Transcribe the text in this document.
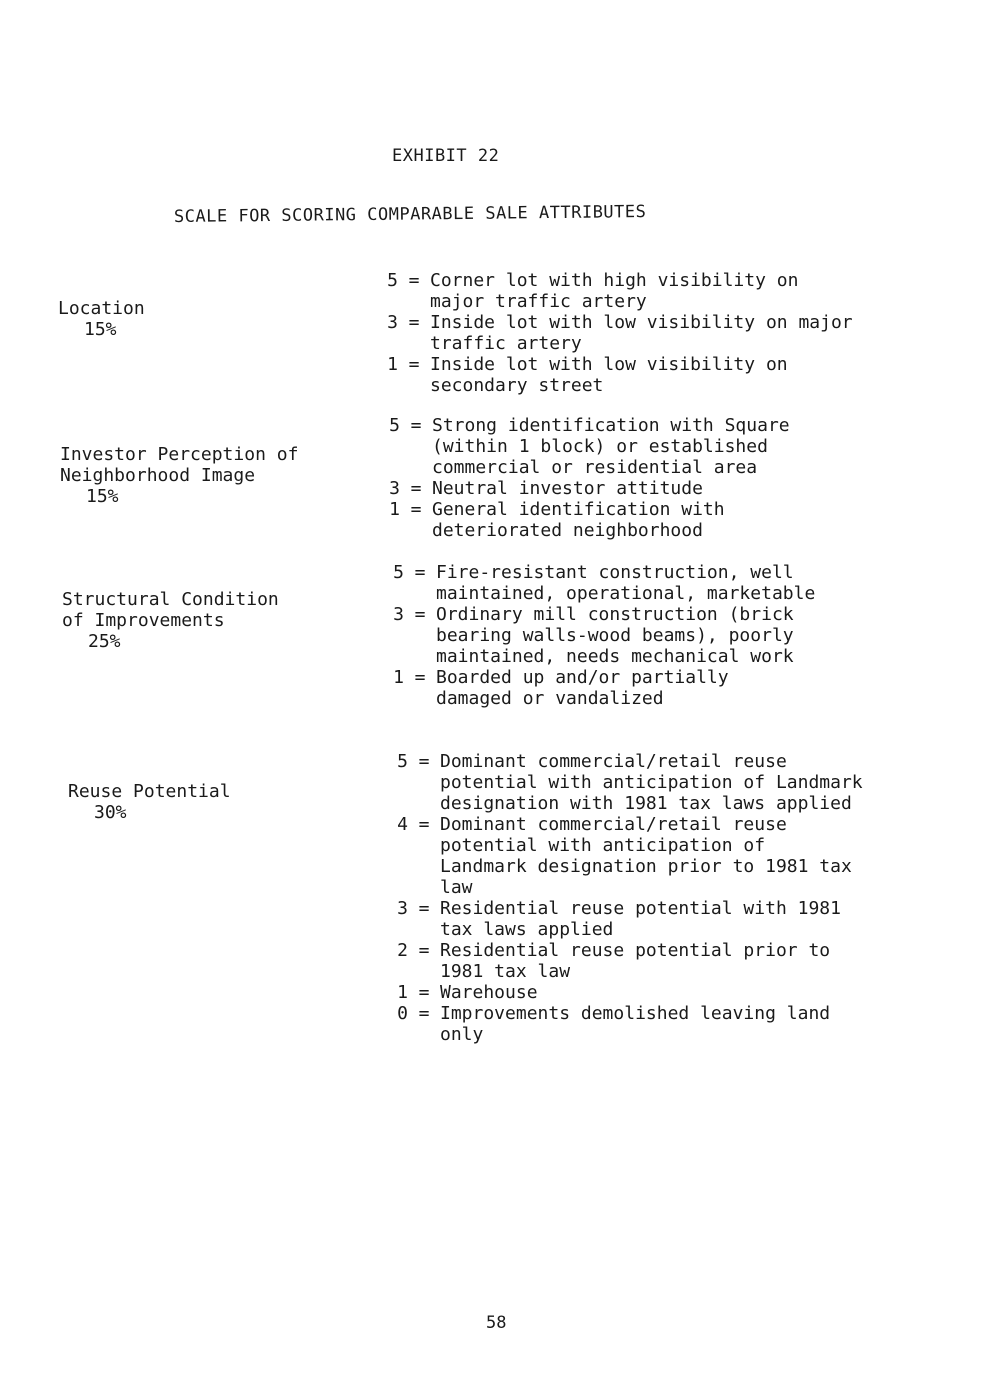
EXHIBIT 22
SCALE FOR SCORING COMPARABLE SALE ATTRIBUTES

Location

15%

5 = Corner lot with high visibility on major traffic artery
3 = Inside lot with low visibility on major traffic artery
1 = Inside lot with low visibility on secondary street

Investor Perception of
Neighborhood Image

15%

5 = Strong identification with Square (within 1 block) or established commercial or residential area
3 = Neutral investor attitude
1 = General identification with deteriorated neighborhood

Structural Condition
of Improvements

25%

5 = Fire-resistant construction, well maintained, operational, marketable
3 = Ordinary mill construction (brick bearing walls-wood beams), poorly maintained, needs mechanical work
1 = Boarded up and/or partially damaged or vandalized

Reuse Potential

30%

5 = Dominant commercial/retail reuse potential with anticipation of Landmark designation with 1981 tax laws applied
4 = Dominant commercial/retail reuse potential with anticipation of Landmark designation prior to 1981 tax law
3 = Residential reuse potential with 1981 tax laws applied
2 = Residential reuse potential prior to 1981 tax law
1 = Warehouse
0 = Improvements demolished leaving land only
58
